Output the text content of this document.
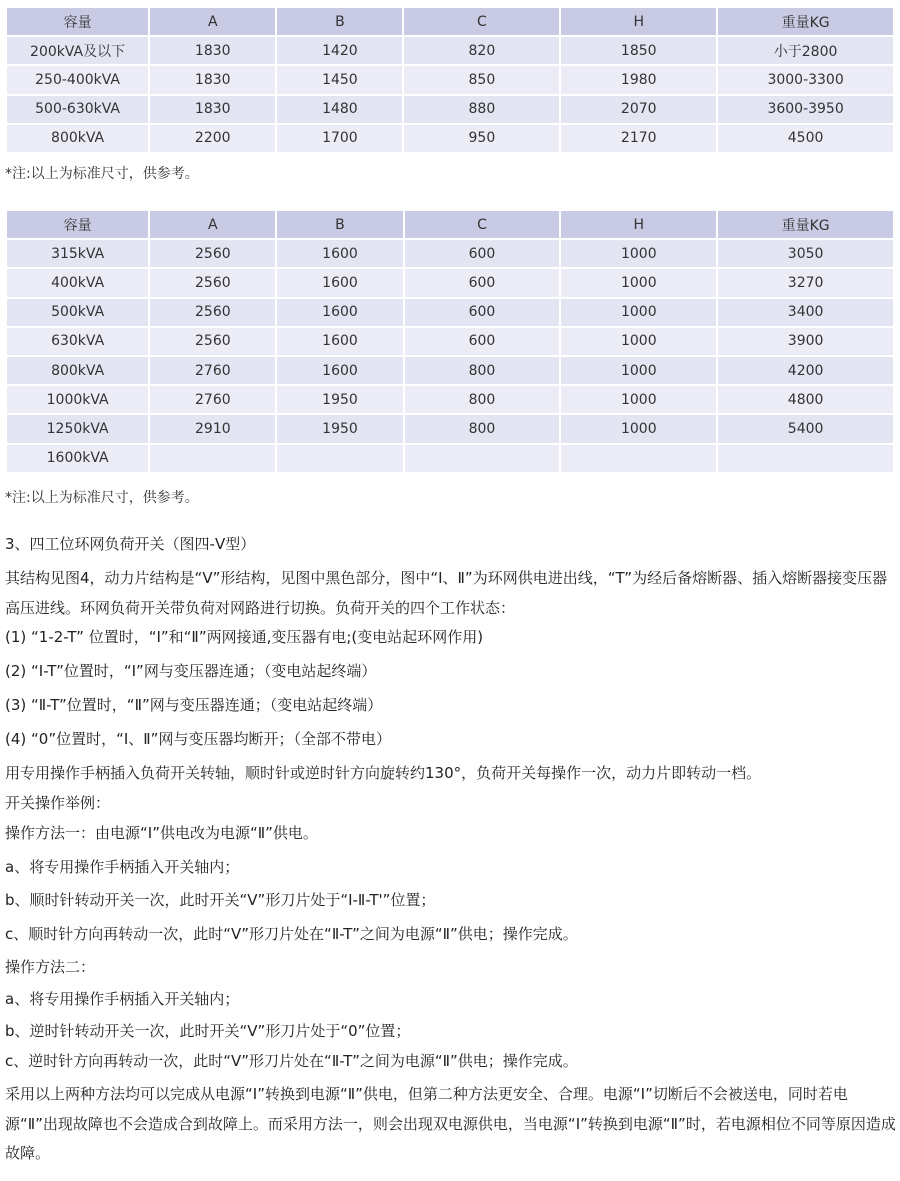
容量	A	B	C	H	重量KG
200kVA及以下	1830	1420	820	1850	小于2800
250-400kVA	1830	1450	850	1980	3000-3300
500-630kVA	1830	1480	880	2070	3600-3950
800kVA	2200	1700	950	2170	4500
*注:以上为标准尺寸，供参考。
容量	A	B	C	H	重量KG
315kVA	2560	1600	600	1000	3050
400kVA	2560	1600	600	1000	3270
500kVA	2560	1600	600	1000	3400
630kVA	2560	1600	600	1000	3900
800kVA	2760	1600	800	1000	4200
1000kVA	2760	1950	800	1000	4800
1250kVA	2910	1950	800	1000	5400
1600kVA					
*注:以上为标准尺寸，供参考。
3、四工位环网负荷开关（图四-V型）
其结构见图4，动力片结构是“V”形结构，见图中黑色部分，图中“Ⅰ、Ⅱ”为环网供电进出线，“T”为经后备熔断器、插入熔断器接变压器高压进线。环网负荷开关带负荷对网路进行切换。负荷开关的四个工作状态：
(1) “1-2-T” 位置时，“Ⅰ”和“Ⅱ”两网接通,变压器有电;(变电站起环网作用)
(2) “Ⅰ-T”位置时，“Ⅰ”网与变压器连通；（变电站起终端）
(3) “Ⅱ-T”位置时，“Ⅱ”网与变压器连通；（变电站起终端）
(4) “0”位置时，“Ⅰ、Ⅱ”网与变压器均断开；（全部不带电）
用专用操作手柄插入负荷开关转轴，顺时针或逆时针方向旋转约130°，负荷开关每操作一次，动力片即转动一档。
开关操作举例：
操作方法一：由电源“Ⅰ”供电改为电源“Ⅱ”供电。
a、将专用操作手柄插入开关轴内；
b、顺时针转动开关一次，此时开关“V”形刀片处于“Ⅰ-Ⅱ-T'”位置；
c、顺时针方向再转动一次，此时“V”形刀片处在“Ⅱ-T”之间为电源“Ⅱ”供电；操作完成。
操作方法二：
a、将专用操作手柄插入开关轴内；
b、逆时针转动开关一次，此时开关“V”形刀片处于“0”位置；
c、逆时针方向再转动一次，此时“V”形刀片处在“Ⅱ-T”之间为电源“Ⅱ”供电；操作完成。
采用以上两种方法均可以完成从电源“Ⅰ”转换到电源“Ⅱ”供电，但第二种方法更安全、合理。电源“Ⅰ”切断后不会被送电，同时若电源“Ⅱ”出现故障也不会造成合到故障上。而采用方法一，则会出现双电源供电，当电源“Ⅰ”转换到电源“Ⅱ”时，若电源相位不同等原因造成故障。
